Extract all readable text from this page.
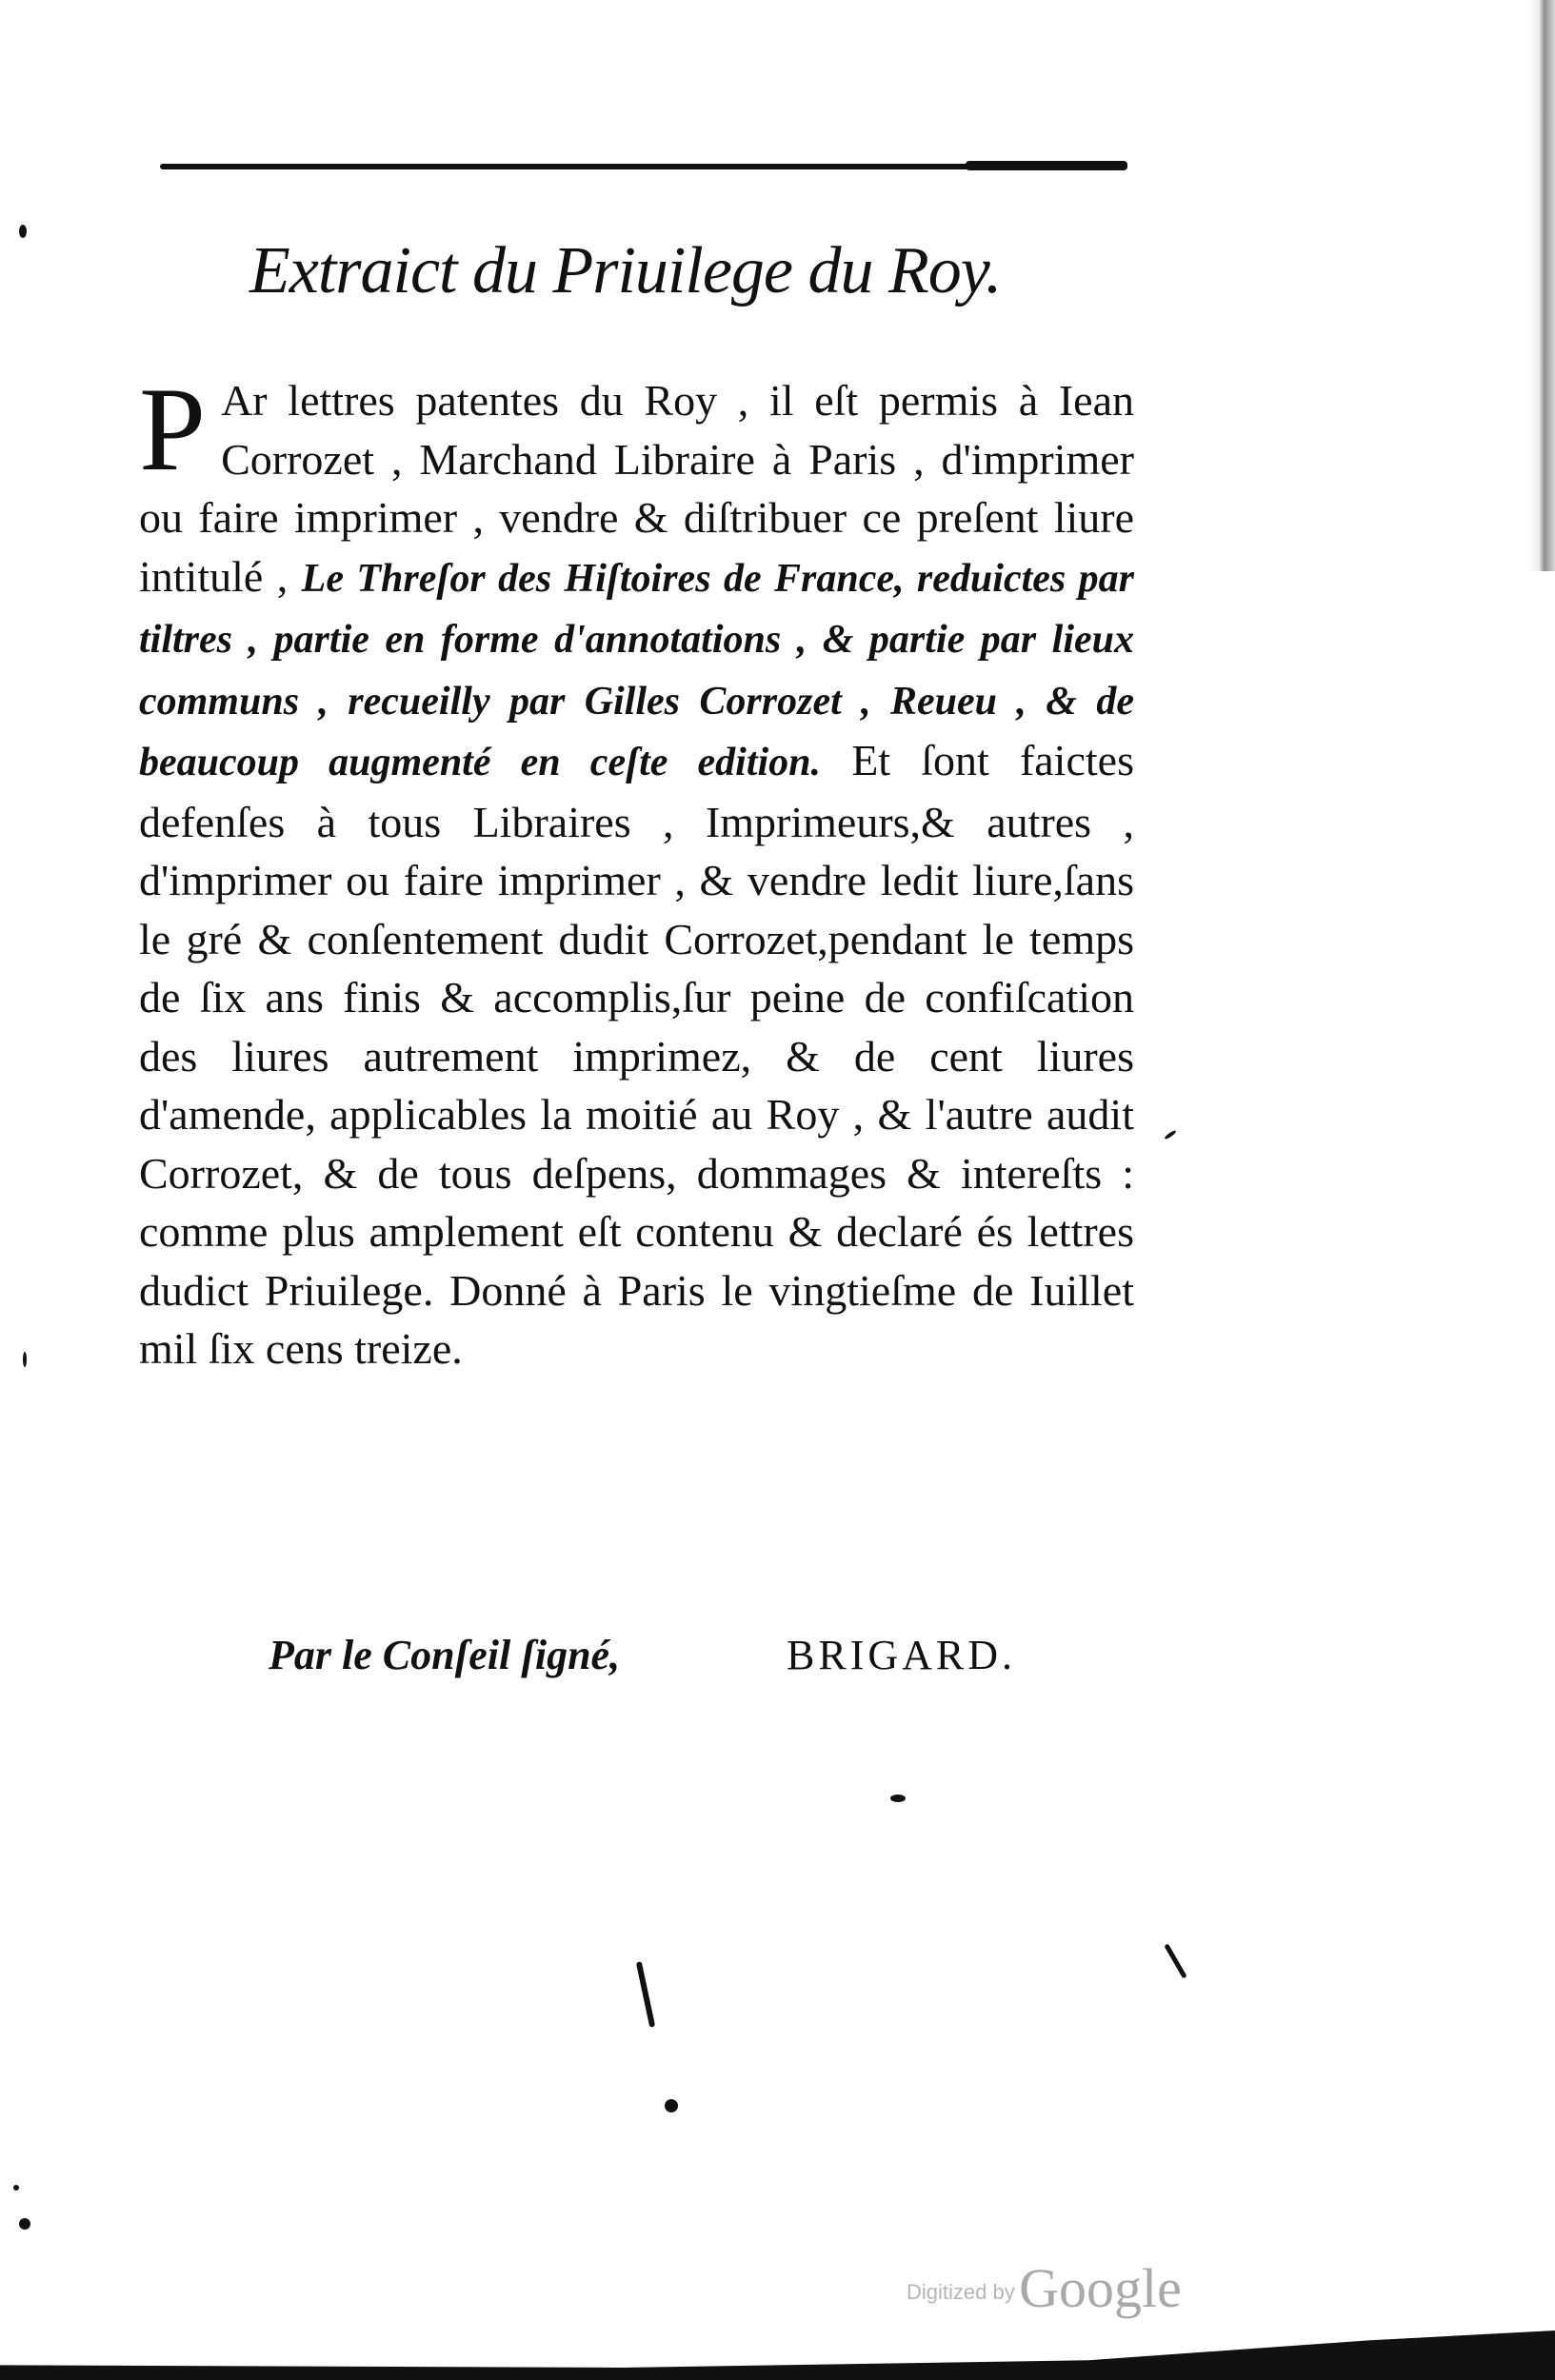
Extraict du Priuilege du Roy.
P Ar lettres patentes du Roy , il eſt permis à Iean Corrozet , Marchand Libraire à Paris , d'imprimer ou faire imprimer , vendre & diſtribuer ce preſent liure intitulé , Le Threſor des Hiſtoires de France, reduictes par tiltres , partie en forme d'annotations , & partie par lieux communs , recueilly par Gilles Corrozet , Reueu , & de beaucoup augmenté en ceſte edition. Et ſont faictes defenſes à tous Libraires , Imprimeurs,& autres , d'imprimer ou faire imprimer , & vendre ledit liure,ſans le gré & conſentement dudit Corrozet,pendant le temps de ſix ans finis & accomplis,ſur peine de confiſcation des liures autrement imprimez, & de cent liures d'amende, applicables la moitié au Roy , & l'autre audit Corrozet, & de tous deſpens, dommages & intereſts : comme plus amplement eſt contenu & declaré és lettres dudict Priuilege. Donné à Paris le vingtieſme de Iuillet mil ſix cens treize.
Par le Conſeil ſigné,	BRIGARD.
Digitized by Google
